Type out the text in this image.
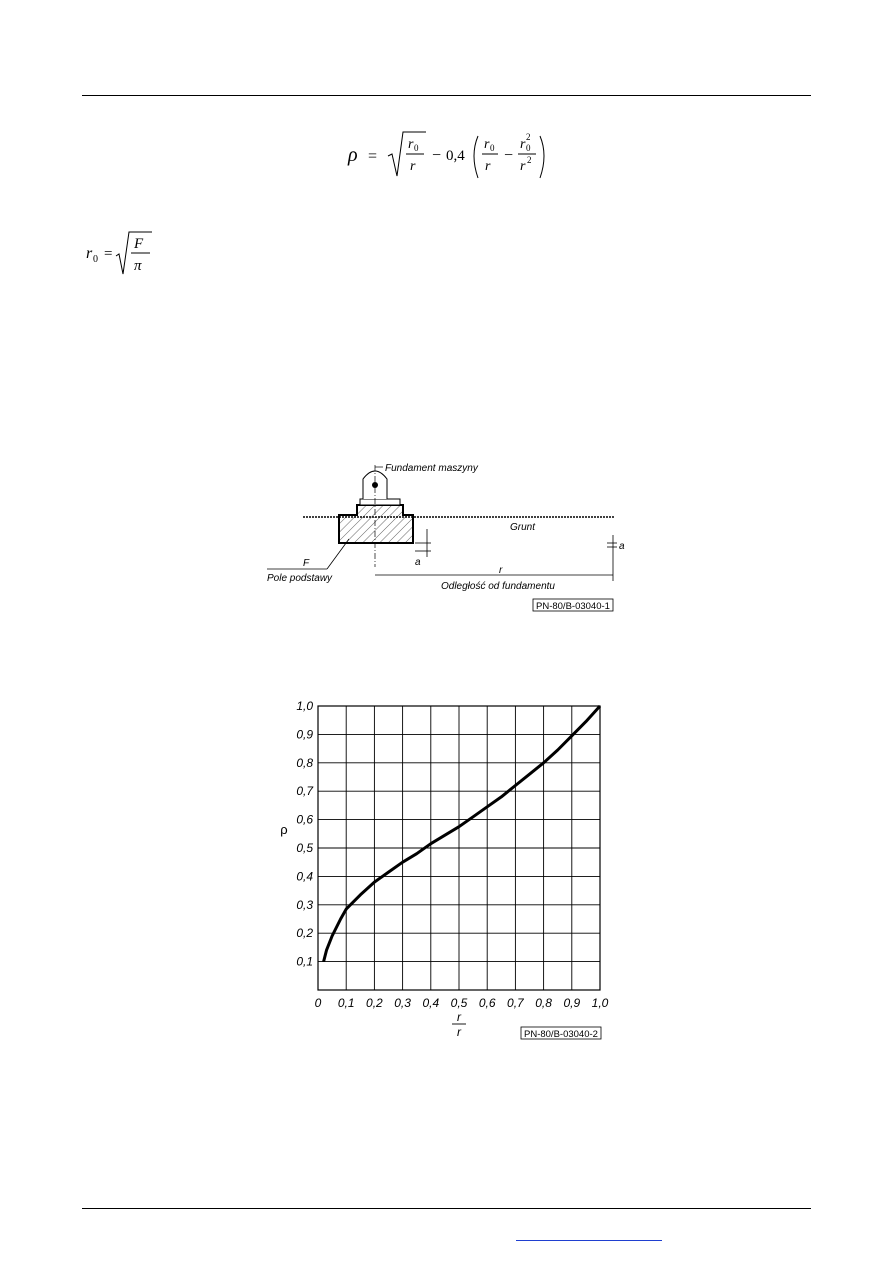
ρ =
r 0
r
− 0,4
r 0
r
−
r 0
2
r 2
r 0 =
F
π
Fundament maszyny
Grunt
a
a
F
Pole podstawy
r
Odległość od fundamentu
PN-80/B-03040-1
0 0,1 0,2 0,3 0,4 0,5 0,6 0,7 0,8 0,9 1,0
0,1
0,2
0,3
0,4
0,5
0,6
0,7
0,8
0,9
1,0
ρ
r
r	PN-80/B-03040-2
